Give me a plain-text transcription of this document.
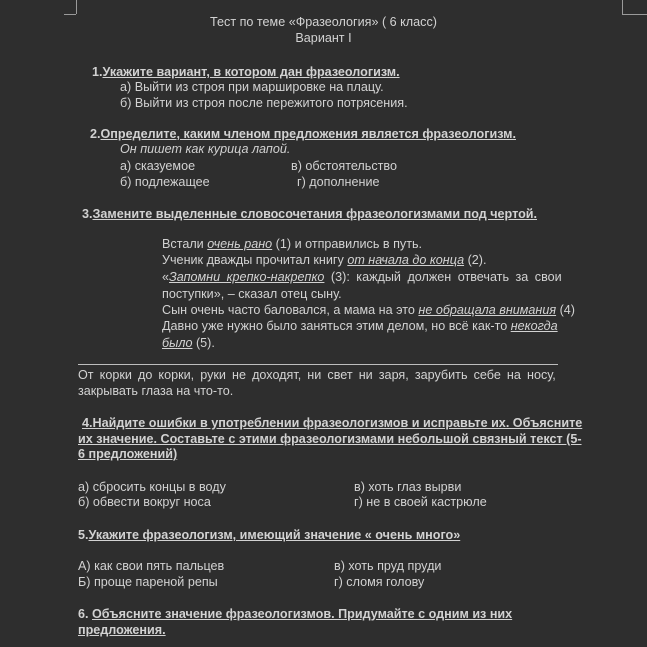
Тест по теме «Фразеология» ( 6 класс)
Вариант I
1.Укажите вариант, в котором дан фразеологизм.
а) Выйти из строя при маршировке на плацу.
б) Выйти из строя после пережитого потрясения.
2.Определите, каким членом предложения является фразеологизм.
Он пишет как курица лапой.
а) сказуемое	в) обстоятельство
б) подлежащее	г) дополнение
3.Замените выделенные словосочетания фразеологизмами под чертой.
Встали очень рано (1) и отправились в путь.
Ученик дважды прочитал книгу от начала до конца (2).
«Запомни крепко-накрепко (3): каждый должен отвечать за свои
поступки», – сказал отец сыну.
Сын очень часто баловался, а мама на это не обращала внимания (4)
Давно уже нужно было заняться этим делом, но всё как-то некогда
было (5).
От корки до корки, руки не доходят, ни свет ни заря, зарубить себе на носу,
закрывать глаза на что-то.
4.Найдите ошибки в употреблении фразеологизмов и исправьте их. Объясните
их значение. Составьте с этими фразеологизмами небольшой связный текст (5-
6 предложений)
а) сбросить концы в воду	в) хоть глаз вырви
б) обвести вокруг носа	г) не в своей кастрюле
5.Укажите фразеологизм, имеющий значение « очень много»
А) как свои пять пальцев	в) хоть пруд пруди
Б) проще пареной репы	г) сломя голову
6. Объясните значение фразеологизмов. Придумайте с одним из них
предложения.
